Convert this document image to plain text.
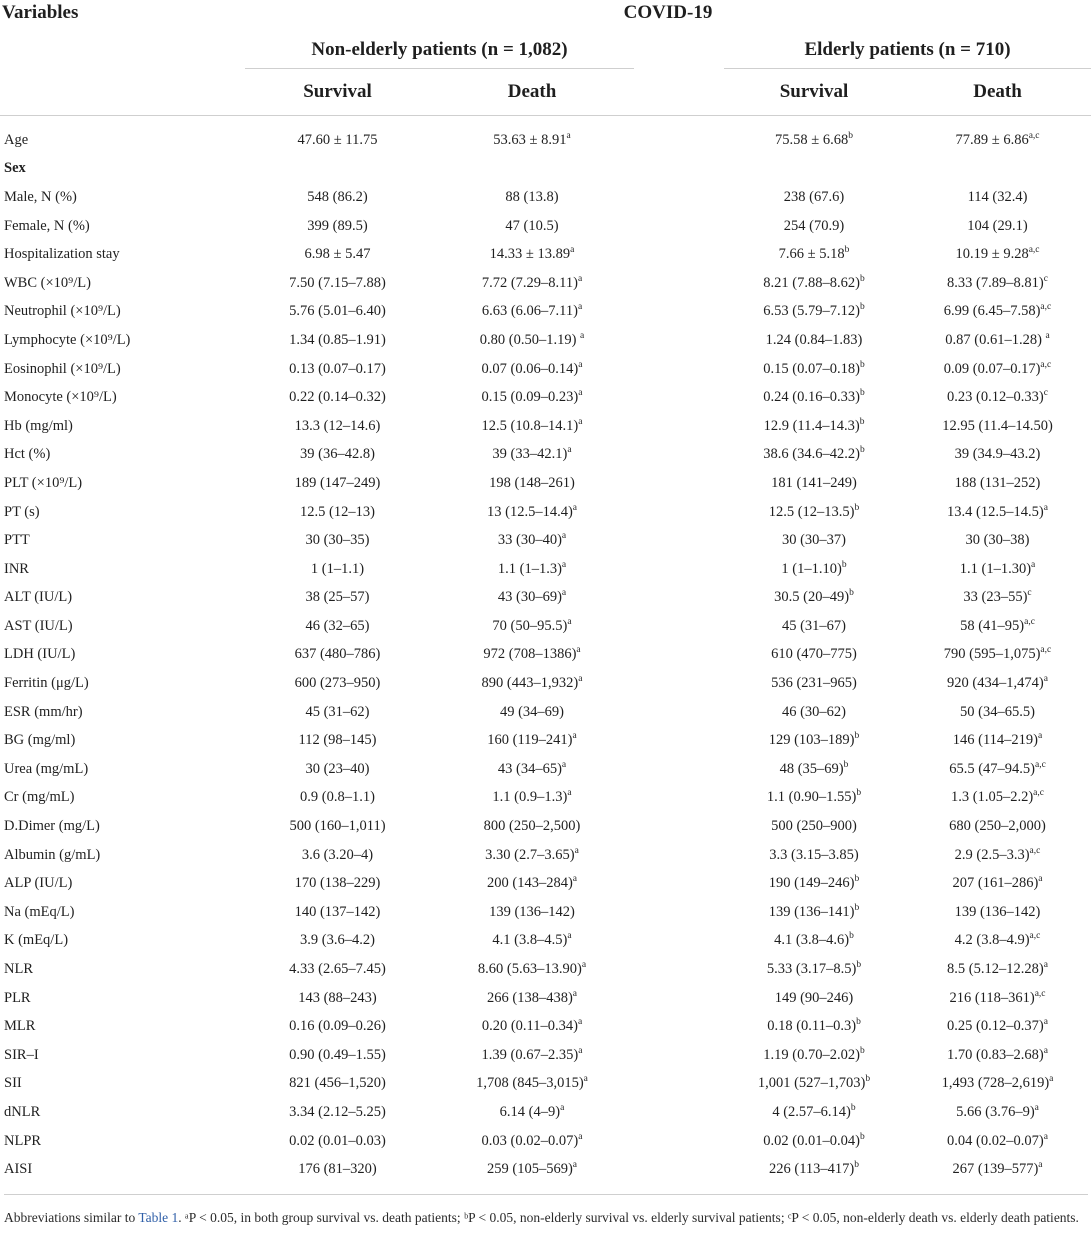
Variables	COVID-19				
	Non-elderly patients (n = 1,082)			Elderly patients (n = 710)	

	Survival	Death		Survival	Death
Age	47.60 ± 11.75	53.63 ± 8.91$^a$		75.58 ± 6.68$^b$	$77.89 \pm 6.86^{a,c}$
Sex					
Male, N (%)	548 (86.2)	88 (13.8)		238 (67.6)	114 (32.4)
Female, N (%)	399 (89.5)	47 (10.5)		254 (70.9)	104 (29.1)
Hospitalization stay	6.98 ± 5.47	14.33 ± 13.89$^a$		7.66 ± 5.18$^b$	$10.19 \pm 9.28^{a,c}$
WBC (×10⁹/L)	7.50 (7.15–7.88)	7.72 $(7.29-8.11)^a$		8.21 $(7.88-8.62)^b$	8.33 $(7.89-8.81)^c$
Neutrophil (×10⁹/L)	5.76 (5.01–6.40)	6.63 $(6.06-7.11)^a$		6.53 $(5.79-7.12)^b$	6.99 $(6.45-7.58)^{a,c}$
Lymphocyte (×10⁹/L)	1.34 (0.85–1.91)	0.80 (0.50–1.19) $^a$		1.24 (0.84–1.83)	0.87 (0.61–1.28) $^a$
Eosinophil (×10⁹/L)	0.13 (0.07–0.17)	0.07 $(0.06-0.14)^a$		0.15 $(0.07-0.18)^b$	0.09 $(0.07-0.17)^{a,c}$
Monocyte (×10⁹/L)	0.22 (0.14–0.32)	0.15 $(0.09-0.23)^a$		0.24 $(0.16-0.33)^b$	0.23 $(0.12-0.33)^c$
Hb (mg/ml)	13.3 (12–14.6)	12.5 $(10.8-14.1)^a$		12.9 $(11.4-14.3)^b$	12.95 (11.4–14.50)
Hct (%)	39 (36–42.8)	39 $(33-42.1)^a$		38.6 $(34.6-42.2)^b$	39 (34.9–43.2)
PLT (×10⁹/L)	189 (147–249)	198 (148–261)		181 (141–249)	188 (131–252)
PT (s)	12.5 (12–13)	13 $(12.5-14.4)^a$		12.5 $(12-13.5)^b$	13.4 $(12.5-14.5)^a$
PTT	30 (30–35)	33 $(30-40)^a$		30 (30–37)	30 (30–38)
INR	1 (1–1.1)	1.1 $(1-1.3)^a$		1 $(1-1.10)^b$	1.1 $(1-1.30)^a$
ALT (IU/L)	38 (25–57)	43 $(30-69)^a$		30.5 $(20-49)^b$	33 $(23-55)^c$
AST (IU/L)	46 (32–65)	70 $(50-95.5)^a$		45 (31–67)	58 $(41-95)^{a,c}$
LDH (IU/L)	637 (480–786)	972 $(708-1386)^a$		610 (470–775)	790 $(595-1,075)^{a,c}$
Ferritin (μg/L)	600 (273–950)	890 $(443-1,932)^a$		536 (231–965)	920 $(434-1,474)^a$
ESR (mm/hr)	45 (31–62)	49 (34–69)		46 (30–62)	50 (34–65.5)
BG (mg/ml)	112 (98–145)	160 $(119-241)^a$		129 $(103-189)^b$	146 $(114-219)^a$
Urea (mg/mL)	30 (23–40)	43 $(34-65)^a$		48 $(35-69)^b$	65.5 $(47-94.5)^{a,c}$
Cr (mg/mL)	0.9 (0.8–1.1)	1.1 $(0.9-1.3)^a$		1.1 $(0.90-1.55)^b$	1.3 $(1.05-2.2)^{a,c}$
D.Dimer (mg/L)	500 (160–1,011)	800 (250–2,500)		500 (250–900)	680 (250–2,000)
Albumin (g/mL)	3.6 (3.20–4)	3.30 $(2.7-3.65)^a$		3.3 (3.15–3.85)	2.9 $(2.5-3.3)^{a,c}$
ALP (IU/L)	170 (138–229)	200 $(143-284)^a$		190 $(149-246)^b$	207 $(161-286)^a$
Na (mEq/L)	140 (137–142)	139 (136–142)		139 $(136-141)^b$	139 (136–142)
K (mEq/L)	3.9 (3.6–4.2)	4.1 $(3.8-4.5)^a$		4.1 $(3.8-4.6)^b$	4.2 $(3.8-4.9)^{a,c}$
NLR	4.33 (2.65–7.45)	8.60 $(5.63-13.90)^a$		5.33 $(3.17-8.5)^b$	8.5 $(5.12-12.28)^a$
PLR	143 (88–243)	266 $(138-438)^a$		149 (90–246)	216 $(118-361)^{a,c}$
MLR	0.16 (0.09–0.26)	0.20 $(0.11-0.34)^a$		0.18 $(0.11-0.3)^b$	0.25 $(0.12-0.37)^a$
SIR–I	0.90 (0.49–1.55)	1.39 $(0.67-2.35)^a$		1.19 $(0.70-2.02)^b$	1.70 $(0.83-2.68)^a$
SII	821 (456–1,520)	1,708 $(845-3,015)^a$		1,001 $(527-1,703)^b$	1,493 $(728-2,619)^a$
dNLR	3.34 (2.12–5.25)	6.14 $(4-9)^a$		4 $(2.57-6.14)^b$	5.66 $(3.76-9)^a$
NLPR	0.02 (0.01–0.03)	0.03 $(0.02-0.07)^a$		0.02 $(0.01-0.04)^b$	0.04 $(0.02-0.07)^a$
AISI	176 (81–320)	259 $(105-569)^a$		226 $(113-417)^b$	267 $(139-577)^a$
Abbreviations similar to Table 1. ᵃP < 0.05, in both group survival vs. death patients; ᵇP < 0.05, non-elderly survival vs. elderly survival patients; ᶜP < 0.05, non-elderly death vs. elderly death patients.
